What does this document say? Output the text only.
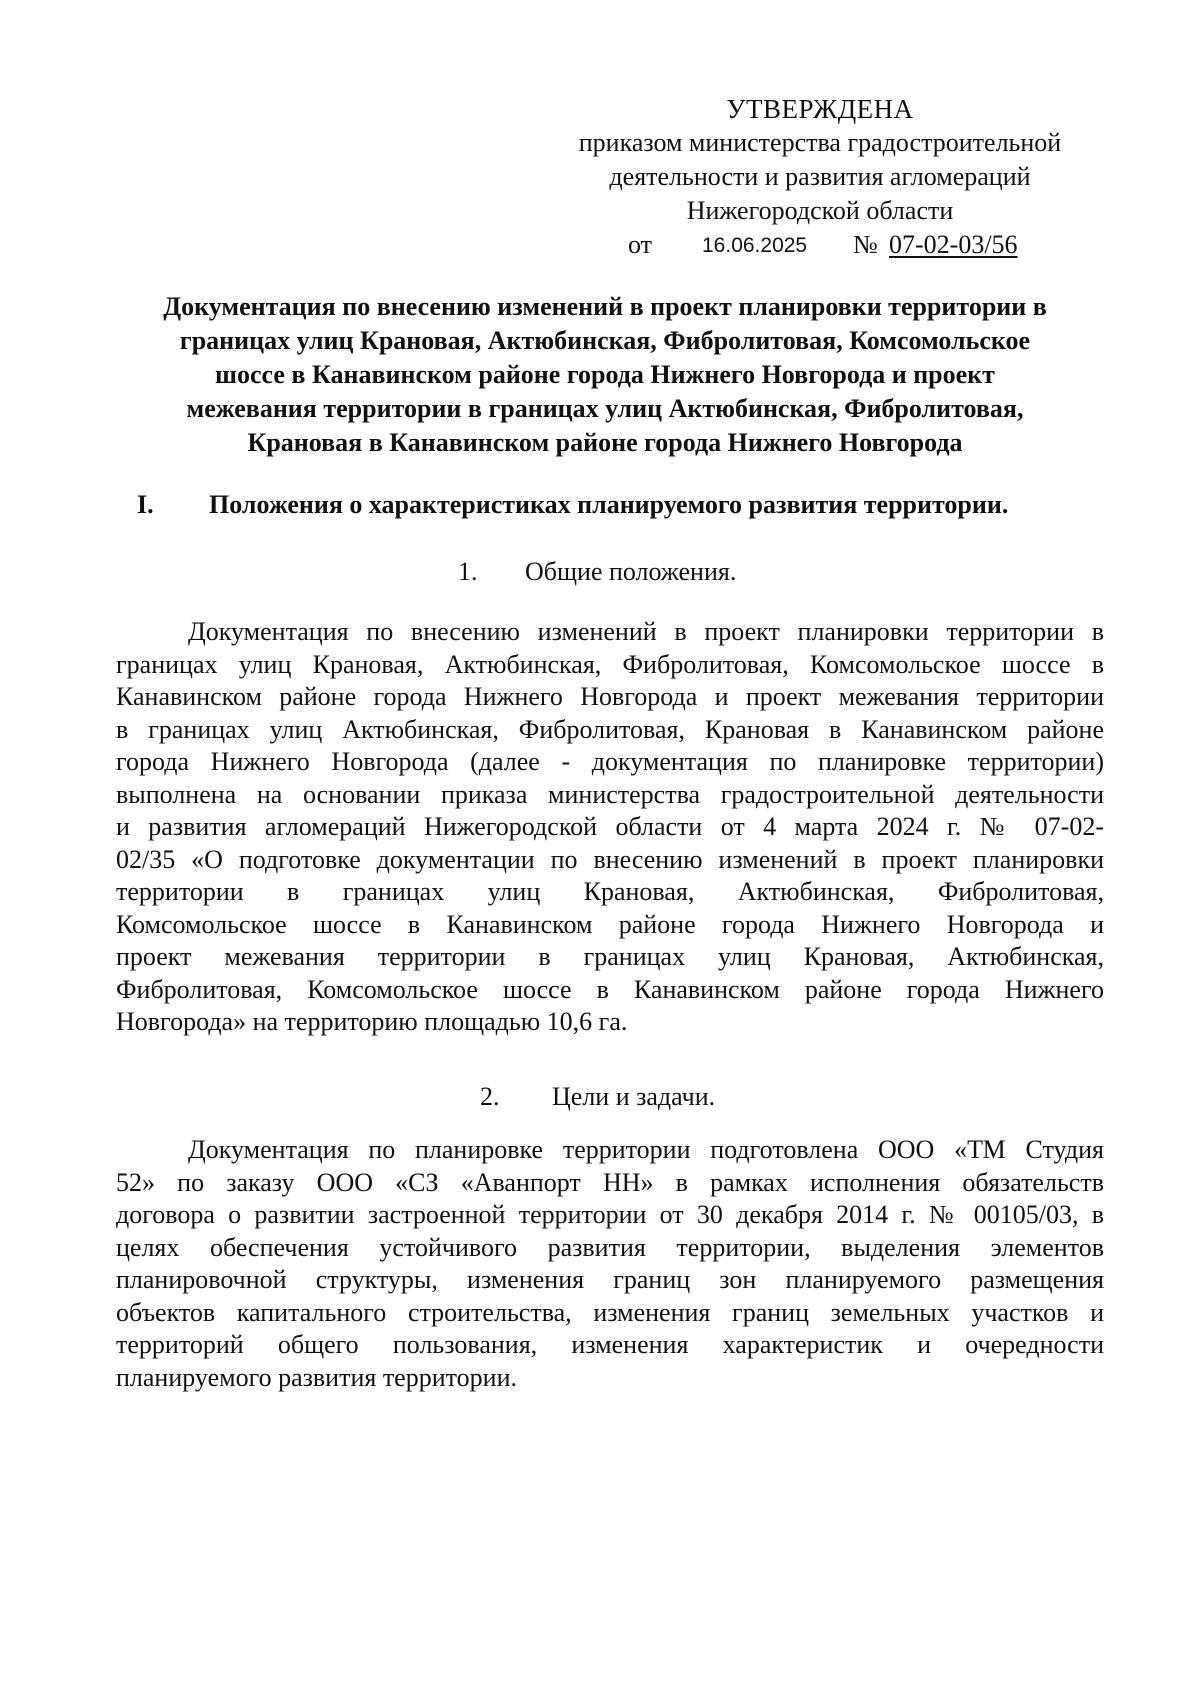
УТВЕРЖДЕНА
приказом министерства градостроительной
деятельности и развития агломераций
Нижегородской области
от 16.06.2025 № 07-02-03/56
Документация по внесению изменений в проект планировки территории в
границах улиц Крановая, Актюбинская, Фибролитовая, Комсомольское
шоссе в Канавинском районе города Нижнего Новгорода и проект
межевания территории в границах улиц Актюбинская, Фибролитовая,
Крановая в Канавинском районе города Нижнего Новгорода
I. Положения о характеристиках планируемого развития территории.
1. Общие положения.
Документация по внесению изменений в проект планировки территории в
границах улиц Крановая, Актюбинская, Фибролитовая, Комсомольское шоссе в
Канавинском районе города Нижнего Новгорода и проект межевания территории
в границах улиц Актюбинская, Фибролитовая, Крановая в Канавинском районе
города Нижнего Новгорода (далее - документация по планировке территории)
выполнена на основании приказа министерства градостроительной деятельности
и развития агломераций Нижегородской области от 4 марта 2024 г. № 07-02-
02/35 «О подготовке документации по внесению изменений в проект планировки
территории в границах улиц Крановая, Актюбинская, Фибролитовая,
Комсомольское шоссе в Канавинском районе города Нижнего Новгорода и
проект межевания территории в границах улиц Крановая, Актюбинская,
Фибролитовая, Комсомольское шоссе в Канавинском районе города Нижнего
Новгорода» на территорию площадью 10,6 га.
2. Цели и задачи.
Документация по планировке территории подготовлена ООО «ТМ Студия
52» по заказу ООО «СЗ «Аванпорт НН» в рамках исполнения обязательств
договора о развитии застроенной территории от 30 декабря 2014 г. № 00105/03, в
целях обеспечения устойчивого развития территории, выделения элементов
планировочной структуры, изменения границ зон планируемого размещения
объектов капитального строительства, изменения границ земельных участков и
территорий общего пользования, изменения характеристик и очередности
планируемого развития территории.
